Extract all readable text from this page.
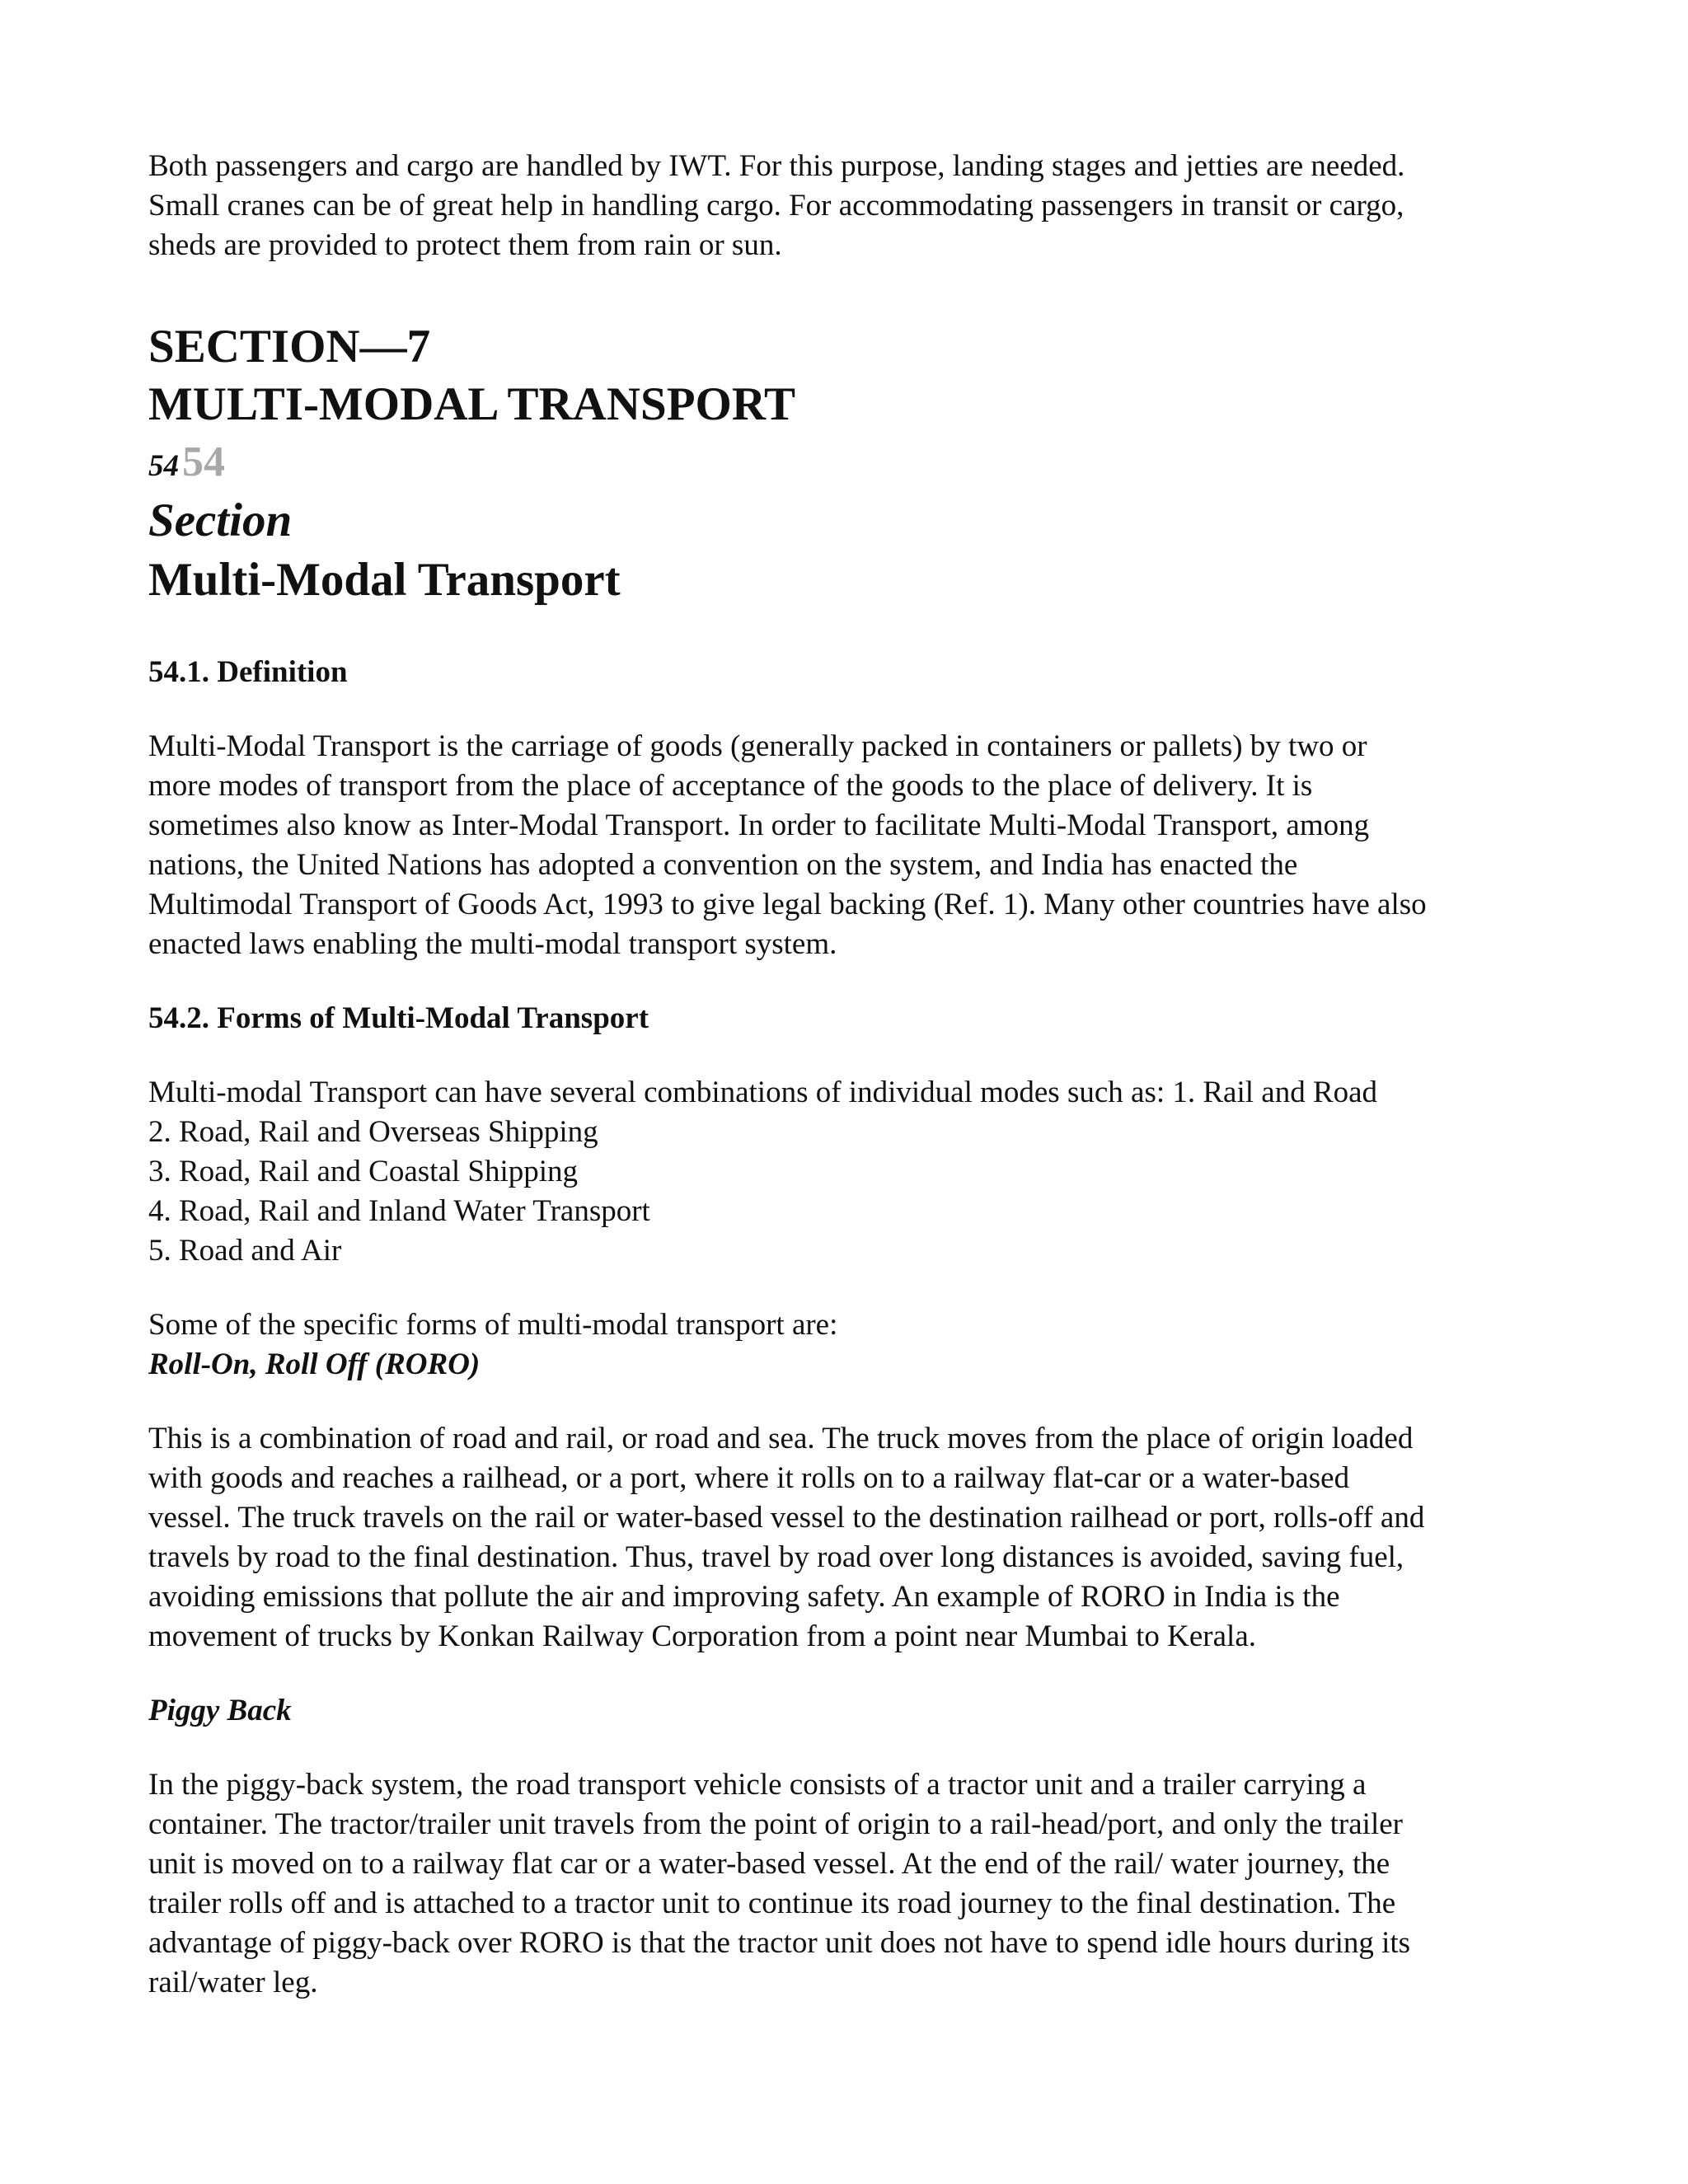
Both passengers and cargo are handled by IWT. For this purpose, landing stages and jetties are needed.
Small cranes can be of great help in handling cargo. For accommodating passengers in transit or cargo,
sheds are provided to protect them from rain or sun.

SECTION—7
MULTI-MODAL TRANSPORT
54 54
Section
Multi-Modal Transport
54.1. Definition

Multi-Modal Transport is the carriage of goods (generally packed in containers or pallets) by two or
more modes of transport from the place of acceptance of the goods to the place of delivery. It is
sometimes also know as Inter-Modal Transport. In order to facilitate Multi-Modal Transport, among
nations, the United Nations has adopted a convention on the system, and India has enacted the
Multimodal Transport of Goods Act, 1993 to give legal backing (Ref. 1). Many other countries have also
enacted laws enabling the multi-modal transport system.

54.2. Forms of Multi-Modal Transport

Multi-modal Transport can have several combinations of individual modes such as: 1. Rail and Road
2. Road, Rail and Overseas Shipping
3. Road, Rail and Coastal Shipping
4. Road, Rail and Inland Water Transport
5. Road and Air

Some of the specific forms of multi-modal transport are:

Roll-On, Roll Off (RORO)

This is a combination of road and rail, or road and sea. The truck moves from the place of origin loaded
with goods and reaches a railhead, or a port, where it rolls on to a railway flat-car or a water-based
vessel. The truck travels on the rail or water-based vessel to the destination railhead or port, rolls-off and
travels by road to the final destination. Thus, travel by road over long distances is avoided, saving fuel,
avoiding emissions that pollute the air and improving safety. An example of RORO in India is the
movement of trucks by Konkan Railway Corporation from a point near Mumbai to Kerala.

Piggy Back

In the piggy-back system, the road transport vehicle consists of a tractor unit and a trailer carrying a
container. The tractor/trailer unit travels from the point of origin to a rail-head/port, and only the trailer
unit is moved on to a railway flat car or a water-based vessel. At the end of the rail/ water journey, the
trailer rolls off and is attached to a tractor unit to continue its road journey to the final destination. The
advantage of piggy-back over RORO is that the tractor unit does not have to spend idle hours during its
rail/water leg.
